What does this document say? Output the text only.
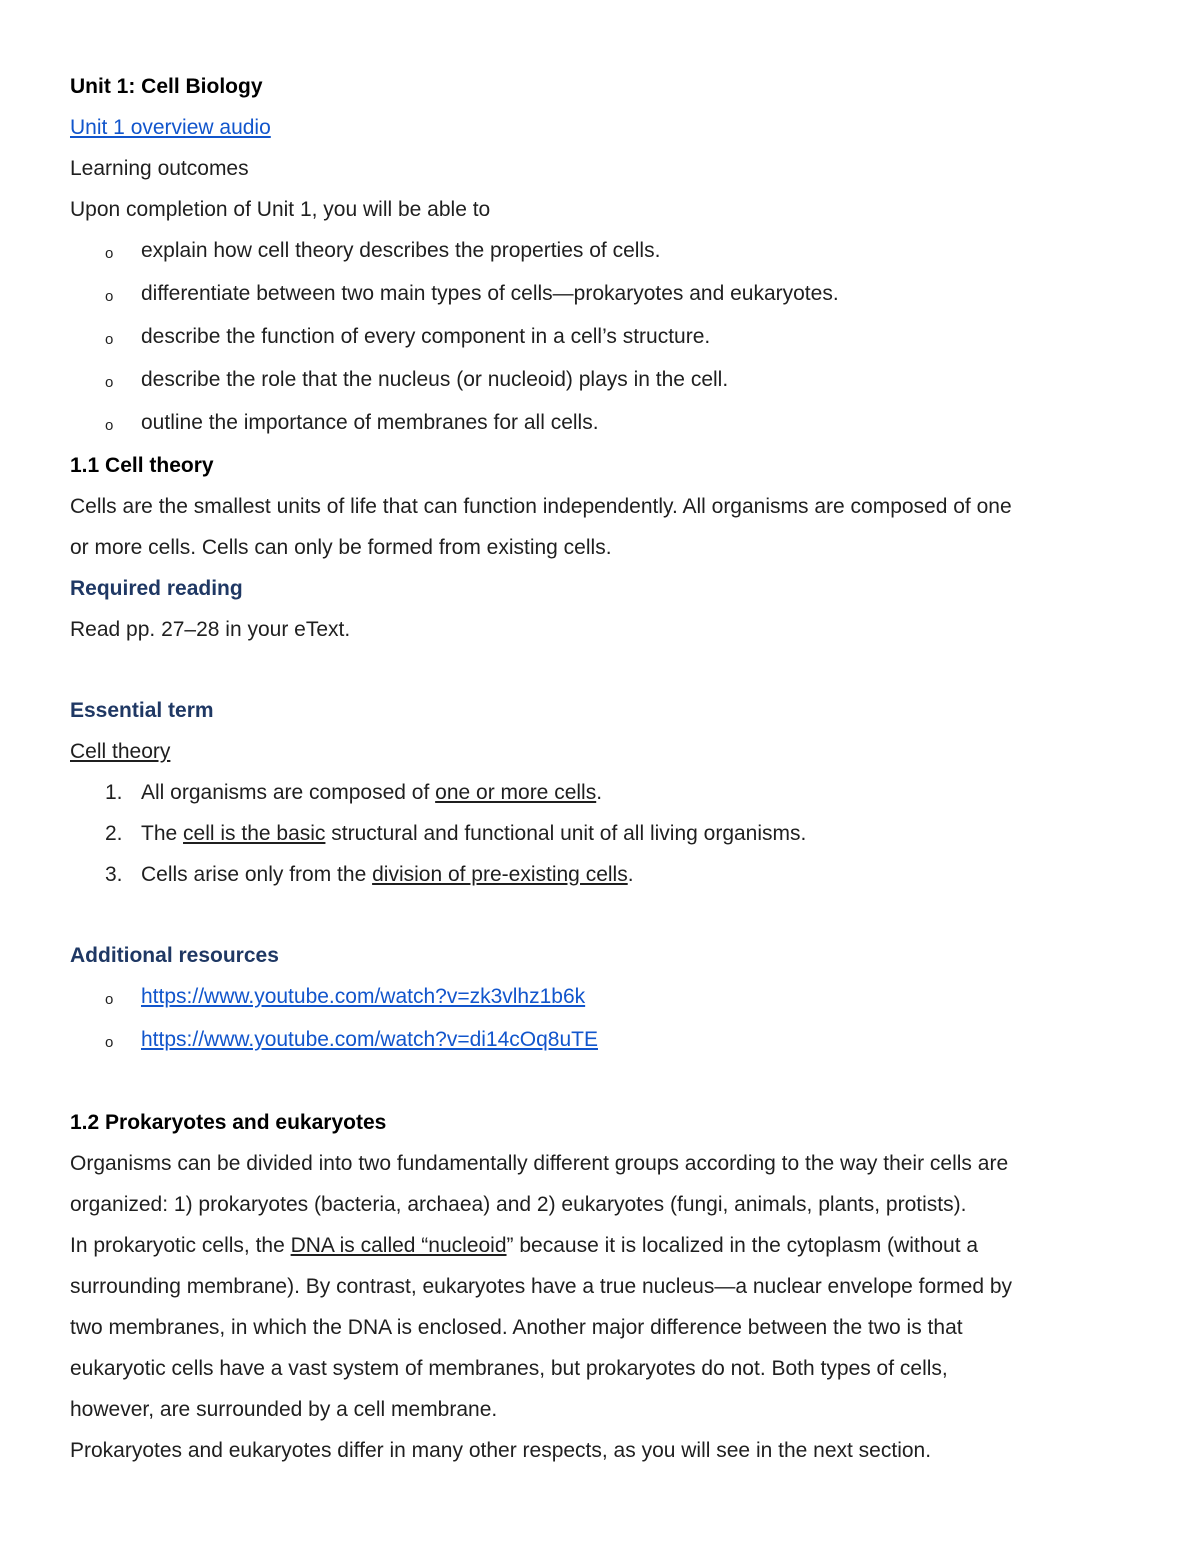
Unit 1: Cell Biology
Unit 1 overview audio
Learning outcomes
Upon completion of Unit 1, you will be able to
o	explain how cell theory describes the properties of cells.
o	differentiate between two main types of cells—prokaryotes and eukaryotes.
o	describe the function of every component in a cell’s structure.
o	describe the role that the nucleus (or nucleoid) plays in the cell.
o	outline the importance of membranes for all cells.
1.1 Cell theory
Cells are the smallest units of life that can function independently. All organisms are composed of one
or more cells. Cells can only be formed from existing cells.
Required reading
Read pp. 27–28 in your eText.
Essential term
Cell theory
1. All organisms are composed of one or more cells.
2. The cell is the basic structural and functional unit of all living organisms.
3. Cells arise only from the division of pre-existing cells.
Additional resources
o	https://www.youtube.com/watch?v=zk3vlhz1b6k
o	https://www.youtube.com/watch?v=di14cOq8uTE
1.2 Prokaryotes and eukaryotes
Organisms can be divided into two fundamentally different groups according to the way their cells are
organized: 1) prokaryotes (bacteria, archaea) and 2) eukaryotes (fungi, animals, plants, protists).
In prokaryotic cells, the DNA is called “nucleoid” because it is localized in the cytoplasm (without a
surrounding membrane). By contrast, eukaryotes have a true nucleus—a nuclear envelope formed by
two membranes, in which the DNA is enclosed. Another major difference between the two is that
eukaryotic cells have a vast system of membranes, but prokaryotes do not. Both types of cells,
however, are surrounded by a cell membrane.
Prokaryotes and eukaryotes differ in many other respects, as you will see in the next section.
